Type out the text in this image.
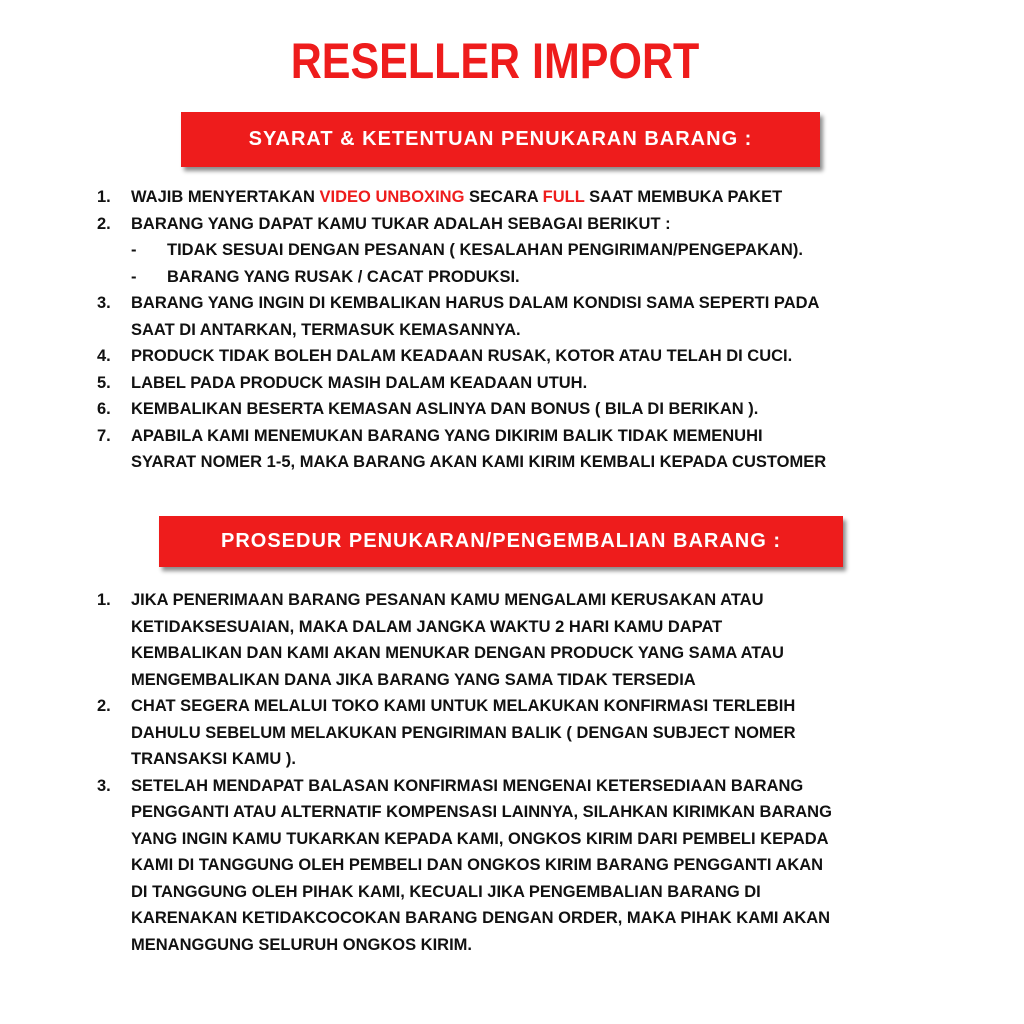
RESELLER IMPORT
SYARAT & KETENTUAN PENUKARAN BARANG :
1. WAJIB MENYERTAKAN VIDEO UNBOXING SECARA FULL SAAT MEMBUKA PAKET
2. BARANG YANG DAPAT KAMU TUKAR ADALAH SEBAGAI BERIKUT :
- TIDAK SESUAI DENGAN PESANAN ( KESALAHAN PENGIRIMAN/PENGEPAKAN).
- BARANG YANG RUSAK / CACAT PRODUKSI.
3. BARANG YANG INGIN DI KEMBALIKAN HARUS DALAM KONDISI SAMA SEPERTI PADA
SAAT DI ANTARKAN, TERMASUK KEMASANNYA.
4. PRODUCK TIDAK BOLEH DALAM KEADAAN RUSAK, KOTOR ATAU TELAH DI CUCI.
5. LABEL PADA PRODUCK MASIH DALAM KEADAAN UTUH.
6. KEMBALIKAN BESERTA KEMASAN ASLINYA DAN BONUS ( BILA DI BERIKAN ).
7. APABILA KAMI MENEMUKAN BARANG YANG DIKIRIM BALIK TIDAK MEMENUHI
SYARAT NOMER 1-5, MAKA BARANG AKAN KAMI KIRIM KEMBALI KEPADA CUSTOMER
PROSEDUR PENUKARAN/PENGEMBALIAN BARANG :
1. JIKA PENERIMAAN BARANG PESANAN KAMU MENGALAMI KERUSAKAN ATAU
KETIDAKSESUAIAN, MAKA DALAM JANGKA WAKTU 2 HARI KAMU DAPAT
KEMBALIKAN DAN KAMI AKAN MENUKAR DENGAN PRODUCK YANG SAMA ATAU
MENGEMBALIKAN DANA JIKA BARANG YANG SAMA TIDAK TERSEDIA
2. CHAT SEGERA MELALUI TOKO KAMI UNTUK MELAKUKAN KONFIRMASI TERLEBIH
DAHULU SEBELUM MELAKUKAN PENGIRIMAN BALIK ( DENGAN SUBJECT NOMER
TRANSAKSI KAMU ).
3. SETELAH MENDAPAT BALASAN KONFIRMASI MENGENAI KETERSEDIAAN BARANG
PENGGANTI ATAU ALTERNATIF KOMPENSASI LAINNYA, SILAHKAN KIRIMKAN BARANG
YANG INGIN KAMU TUKARKAN KEPADA KAMI, ONGKOS KIRIM DARI PEMBELI KEPADA
KAMI DI TANGGUNG OLEH PEMBELI DAN ONGKOS KIRIM BARANG PENGGANTI AKAN
DI TANGGUNG OLEH PIHAK KAMI, KECUALI JIKA PENGEMBALIAN BARANG DI
KARENAKAN KETIDAKCOCOKAN BARANG DENGAN ORDER, MAKA PIHAK KAMI AKAN
MENANGGUNG SELURUH ONGKOS KIRIM.
